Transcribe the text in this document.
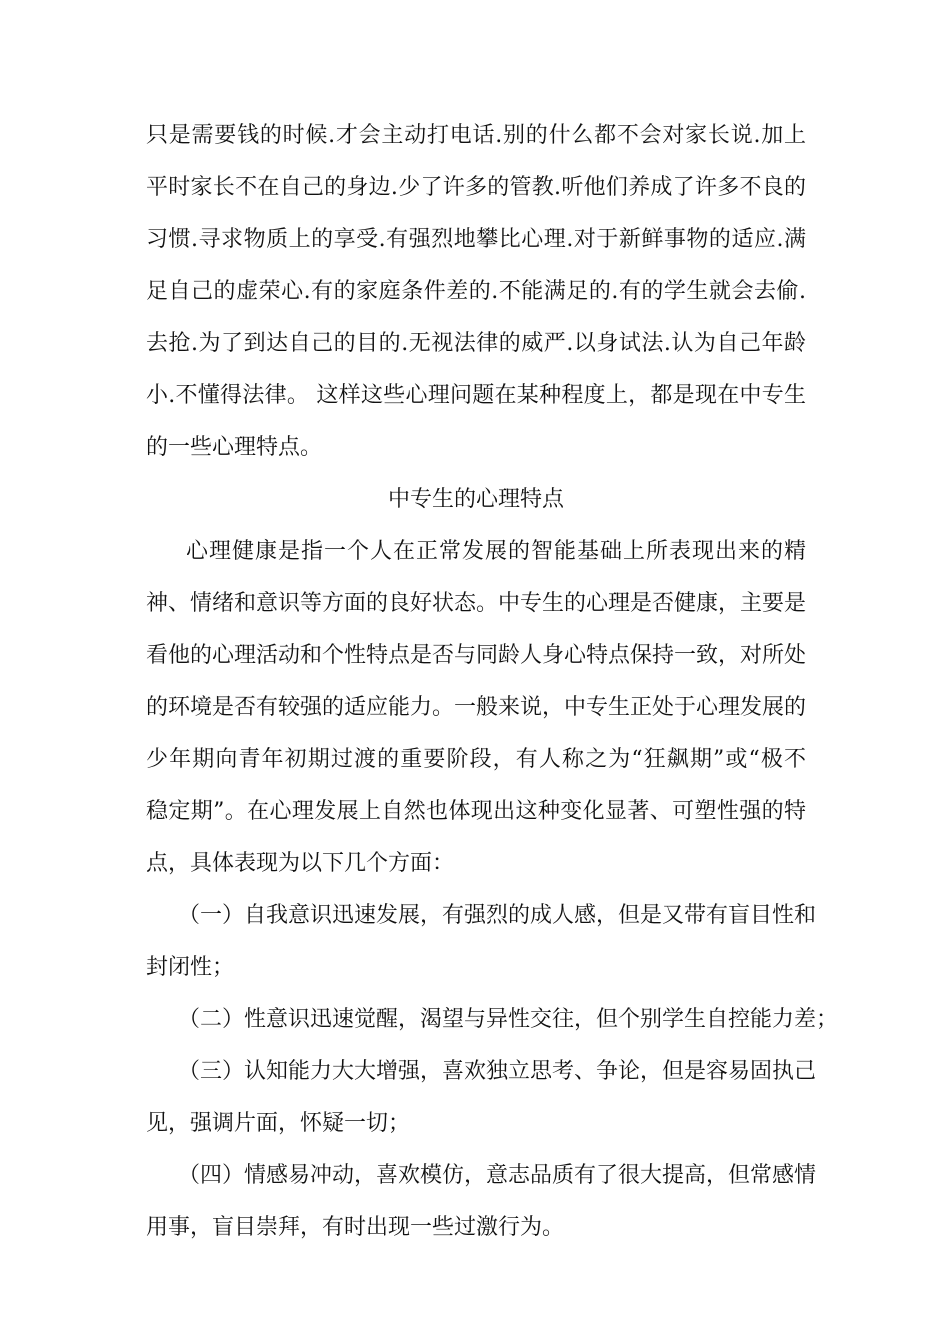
只是需要钱的时候.才会主动打电话.别的什么都不会对家长说.加上
平时家长不在自己的身边.少了许多的管教.听他们养成了许多不良的
习惯.寻求物质上的享受.有强烈地攀比心理.对于新鲜事物的适应.满
足自己的虚荣心.有的家庭条件差的.不能满足的.有的学生就会去偷.
去抢.为了到达自己的目的.无视法律的威严.以身试法.认为自己年龄
小.不懂得法律。 这样这些心理问题在某种程度上，都是现在中专生
的一些心理特点。
中专生的心理特点
心理健康是指一个人在正常发展的智能基础上所表现出来的精
神、情绪和意识等方面的良好状态。中专生的心理是否健康，主要是
看他的心理活动和个性特点是否与同龄人身心特点保持一致，对所处
的环境是否有较强的适应能力。一般来说，中专生正处于心理发展的
少年期向青年初期过渡的重要阶段，有人称之为“狂飙期”或“极不
稳定期”。在心理发展上自然也体现出这种变化显著、可塑性强的特
点，具体表现为以下几个方面：
（一）自我意识迅速发展，有强烈的成人感，但是又带有盲目性和
封闭性；
（二）性意识迅速觉醒，渴望与异性交往，但个别学生自控能力差；
（三）认知能力大大增强，喜欢独立思考、争论，但是容易固执己
见，强调片面，怀疑一切；
（四）情感易冲动，喜欢模仿，意志品质有了很大提高，但常感情
用事，盲目崇拜，有时出现一些过激行为。
